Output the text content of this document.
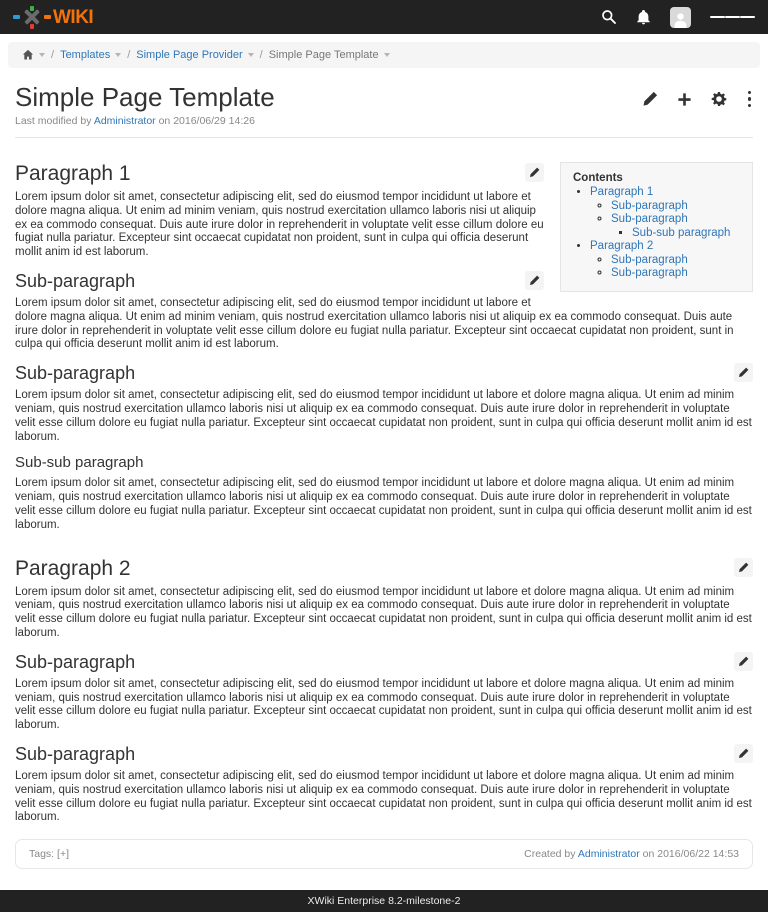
WIKI
/ Templates / Simple Page Provider / Simple Page Template
Simple Page Template

Last modified by Administrator on 2016/06/29 14:26

Contents
• Paragraph 1
◦ Sub-paragraph
◦ Sub-paragraph
▪ Sub-sub paragraph
• Paragraph 2
◦ Sub-paragraph
◦ Sub-paragraph
Paragraph 1

Lorem ipsum dolor sit amet, consectetur adipiscing elit, sed do eiusmod tempor incididunt ut labore et dolore magna aliqua. Ut enim ad minim veniam, quis nostrud exercitation ullamco laboris nisi ut aliquip ex ea commodo consequat. Duis aute irure dolor in reprehenderit in voluptate velit esse cillum dolore eu fugiat nulla pariatur. Excepteur sint occaecat cupidatat non proident, sunt in culpa qui officia deserunt mollit anim id est laborum.

Sub-paragraph

Lorem ipsum dolor sit amet, consectetur adipiscing elit, sed do eiusmod tempor incididunt ut labore et dolore magna aliqua. Ut enim ad minim veniam, quis nostrud exercitation ullamco laboris nisi ut aliquip ex ea commodo consequat. Duis aute irure dolor in reprehenderit in voluptate velit esse cillum dolore eu fugiat nulla pariatur. Excepteur sint occaecat cupidatat non proident, sunt in culpa qui officia deserunt mollit anim id est laborum.

Sub-paragraph

Lorem ipsum dolor sit amet, consectetur adipiscing elit, sed do eiusmod tempor incididunt ut labore et dolore magna aliqua. Ut enim ad minim veniam, quis nostrud exercitation ullamco laboris nisi ut aliquip ex ea commodo consequat. Duis aute irure dolor in reprehenderit in voluptate velit esse cillum dolore eu fugiat nulla pariatur. Excepteur sint occaecat cupidatat non proident, sunt in culpa qui officia deserunt mollit anim id est laborum.

Sub-sub paragraph

Lorem ipsum dolor sit amet, consectetur adipiscing elit, sed do eiusmod tempor incididunt ut labore et dolore magna aliqua. Ut enim ad minim veniam, quis nostrud exercitation ullamco laboris nisi ut aliquip ex ea commodo consequat. Duis aute irure dolor in reprehenderit in voluptate velit esse cillum dolore eu fugiat nulla pariatur. Excepteur sint occaecat cupidatat non proident, sunt in culpa qui officia deserunt mollit anim id est laborum.

Paragraph 2

Lorem ipsum dolor sit amet, consectetur adipiscing elit, sed do eiusmod tempor incididunt ut labore et dolore magna aliqua. Ut enim ad minim veniam, quis nostrud exercitation ullamco laboris nisi ut aliquip ex ea commodo consequat. Duis aute irure dolor in reprehenderit in voluptate velit esse cillum dolore eu fugiat nulla pariatur. Excepteur sint occaecat cupidatat non proident, sunt in culpa qui officia deserunt mollit anim id est laborum.

Sub-paragraph

Lorem ipsum dolor sit amet, consectetur adipiscing elit, sed do eiusmod tempor incididunt ut labore et dolore magna aliqua. Ut enim ad minim veniam, quis nostrud exercitation ullamco laboris nisi ut aliquip ex ea commodo consequat. Duis aute irure dolor in reprehenderit in voluptate velit esse cillum dolore eu fugiat nulla pariatur. Excepteur sint occaecat cupidatat non proident, sunt in culpa qui officia deserunt mollit anim id est laborum.

Sub-paragraph

Lorem ipsum dolor sit amet, consectetur adipiscing elit, sed do eiusmod tempor incididunt ut labore et dolore magna aliqua. Ut enim ad minim veniam, quis nostrud exercitation ullamco laboris nisi ut aliquip ex ea commodo consequat. Duis aute irure dolor in reprehenderit in voluptate velit esse cillum dolore eu fugiat nulla pariatur. Excepteur sint occaecat cupidatat non proident, sunt in culpa qui officia deserunt mollit anim id est laborum.

Tags: [+]	Created by Administrator on 2016/06/22 14:53
XWiki Enterprise 8.2-milestone-2
